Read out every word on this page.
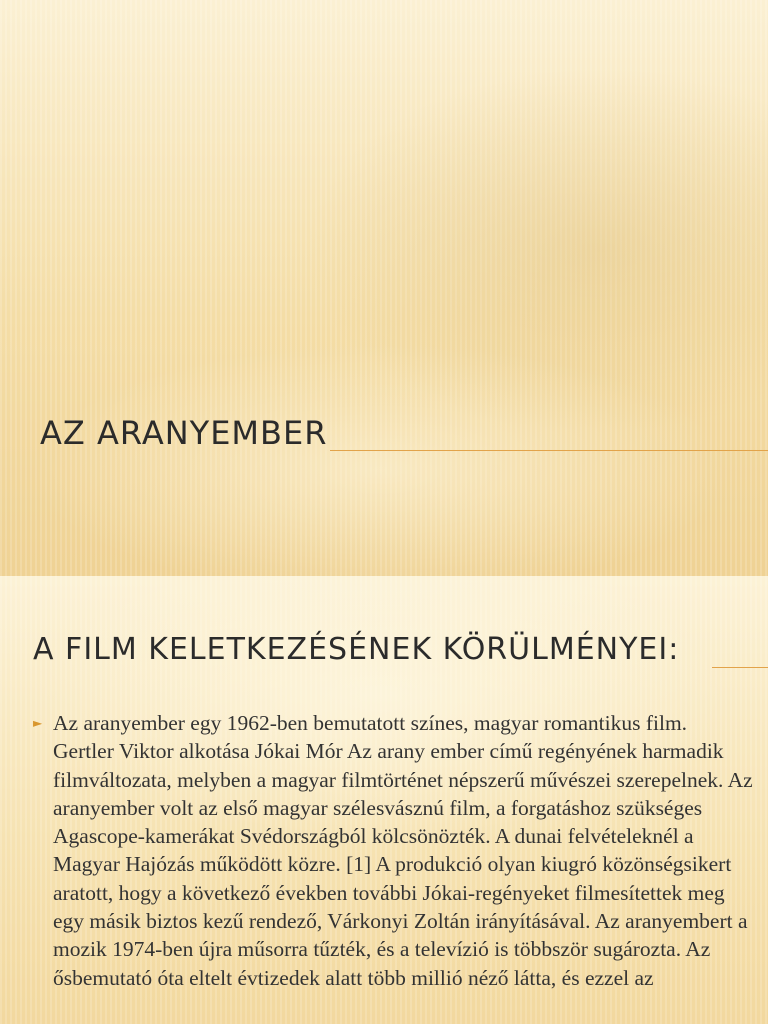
AZ ARANYEMBER
A FILM KELETKEZÉSÉNEK KÖRÜLMÉNYEI:
► Az aranyember egy 1962-ben bemutatott színes, magyar romantikus film. Gertler Viktor alkotása Jókai Mór Az arany ember című regényének harmadik filmváltozata, melyben a magyar filmtörténet népszerű művészei szerepelnek. Az aranyember volt az első magyar szélesvásznú film, a forgatáshoz szükséges Agascope-kamerákat Svédországból kölcsönözték. A dunai felvételeknél a Magyar Hajózás működött közre. [1] A produkció olyan kiugró közönségsikert aratott, hogy a következő években további Jókai-regényeket filmesítettek meg egy másik biztos kezű rendező, Várkonyi Zoltán irányításával. Az aranyembert a mozik 1974-ben újra műsorra tűzték, és a televízió is többször sugározta. Az ősbemutató óta eltelt évtizedek alatt több millió néző látta, és ezzel az
